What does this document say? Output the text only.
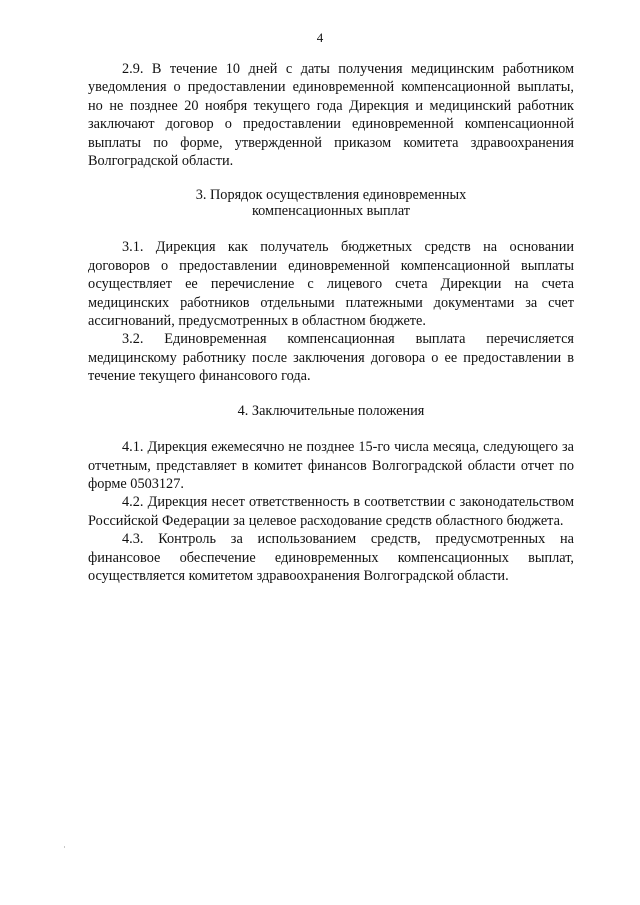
4

2.9. В течение 10 дней с даты получения медицинским работником уведомления о предоставлении единовременной компенсационной выплаты, но не позднее 20 ноября текущего года Дирекция и медицинский работник заключают договор о предоставлении единовременной компенсационной выплаты по форме, утвержденной приказом комитета здравоохранения Волгоградской области.

3. Порядок осуществления единовременных
компенсационных выплат

3.1. Дирекция как получатель бюджетных средств на основании договоров о предоставлении единовременной компенсационной выплаты осуществляет ее перечисление с лицевого счета Дирекции на счета медицинских работников отдельными платежными документами за счет ассигнований, предусмотренных в областном бюджете.

3.2. Единовременная компенсационная выплата перечисляется медицинскому работнику после заключения договора о ее предоставлении в течение текущего финансового года.

4. Заключительные положения

4.1. Дирекция ежемесячно не позднее 15-го числа месяца, следующего за отчетным, представляет в комитет финансов Волгоградской области отчет по форме 0503127.

4.2. Дирекция несет ответственность в соответствии с законодательством Российской Федерации за целевое расходование средств областного бюджета.

4.3. Контроль за использованием средств, предусмотренных на финансовое обеспечение единовременных компенсационных выплат, осуществляется комитетом здравоохранения Волгоградской области.
